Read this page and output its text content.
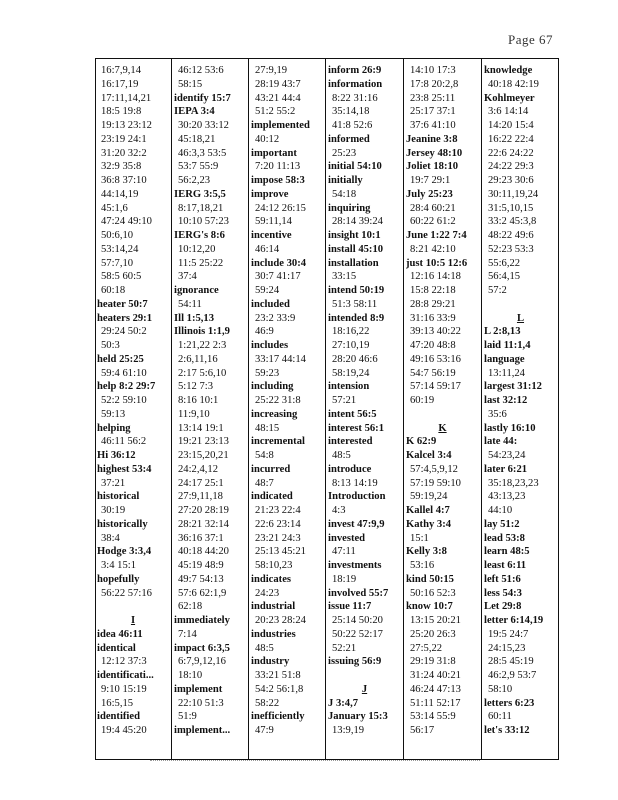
Page 67
16:7,9,14
16:17,19
17:11,14,21
18:5 19:8
19:13 23:12
23:19 24:1
31:20 32:2
32:9 35:8
36:8 37:10
44:14,19
45:1,6
47:24 49:10
50:6,10
53:14,24
57:7,10
58:5 60:5
60:18
heater 50:7
heaters 29:1
29:24 50:2
50:3
held 25:25
59:4 61:10
help 8:2 29:7
52:2 59:10
59:13
helping
46:11 56:2
Hi 36:12
highest 53:4
37:21
historical
30:19
historically
38:4
Hodge 3:3,4
3:4 15:1
hopefully
56:22 57:16

I
idea 46:11
identical
12:12 37:3
identificati...
9:10 15:19
16:5,15
identified
19:4 45:20
46:12 53:6
58:15
identify 15:7
IEPA 3:4
30:20 33:12
45:18,21
46:3,3 53:5
53:7 55:9
56:2,23
IERG 3:5,5
8:17,18,21
10:10 57:23
IERG's 8:6
10:12,20
11:5 25:22
37:4
ignorance
54:11
Ill 1:5,13
Illinois 1:1,9
1:21,22 2:3
2:6,11,16
2:17 5:6,10
5:12 7:3
8:16 10:1
11:9,10
13:14 19:1
19:21 23:13
23:15,20,21
24:2,4,12
24:17 25:1
27:9,11,18
27:20 28:19
28:21 32:14
36:16 37:1
40:18 44:20
45:19 48:9
49:7 54:13
57:6 62:1,9
62:18
immediately
7:14
impact 6:3,5
6:7,9,12,16
18:10
implement
22:10 51:3
51:9
implement...
27:9,19
28:19 43:7
43:21 44:4
51:2 55:2
implemented
40:12
important
7:20 11:13
impose 58:3
improve
24:12 26:15
59:11,14
incentive
46:14
include 30:4
30:7 41:17
59:24
included
23:2 33:9
46:9
includes
33:17 44:14
59:23
including
25:22 31:8
increasing
48:15
incremental
54:8
incurred
48:7
indicated
21:23 22:4
22:6 23:14
23:21 24:3
25:13 45:21
58:10,23
indicates
24:23
industrial
20:23 28:24
industries
48:5
industry
33:21 51:8
54:2 56:1,8
58:22
inefficiently
47:9
inform 26:9
information
8:22 31:16
35:14,18
41:8 52:6
informed
25:23
initial 54:10
initially
54:18
inquiring
28:14 39:24
insight 10:1
install 45:10
installation
33:15
intend 50:19
51:3 58:11
intended 8:9
18:16,22
27:10,19
28:20 46:6
58:19,24
intension
57:21
intent 56:5
interest 56:1
interested
48:5
introduce
8:13 14:19
Introduction
4:3
invest 47:9,9
invested
47:11
investments
18:19
involved 55:7
issue 11:7
25:14 50:20
50:22 52:17
52:21
issuing 56:9

J
J 3:4,7
January 15:3
13:9,19
14:10 17:3
17:8 20:2,8
23:8 25:11
25:17 37:1
37:6 41:10
Jeanine 3:8
Jersey 48:10
Joliet 18:10
19:7 29:1
July 25:23
28:4 60:21
60:22 61:2
June 1:22 7:4
8:21 42:10
just 10:5 12:6
12:16 14:18
15:8 22:18
28:8 29:21
31:16 33:9
39:13 40:22
47:20 48:8
49:16 53:16
54:7 56:19
57:14 59:17
60:19

K
K 62:9
Kalcel 3:4
57:4,5,9,12
57:19 59:10
59:19,24
Kallel 4:7
Kathy 3:4
15:1
Kelly 3:8
53:16
kind 50:15
50:16 52:3
know 10:7
13:15 20:21
25:20 26:3
27:5,22
29:19 31:8
31:24 40:21
46:24 47:13
51:11 52:17
53:14 55:9
56:17
knowledge
40:18 42:19
Kohlmeyer
3:6 14:14
14:20 15:4
16:22 22:4
22:6 24:22
24:22 29:3
29:23 30:6
30:11,19,24
31:5,10,15
33:2 45:3,8
48:22 49:6
52:23 53:3
55:6,22
56:4,15
57:2

L
L 2:8,13
laid 11:1,4
language
13:11,24
largest 31:12
last 32:12
35:6
lastly 16:10
late 44:
54:23,24
later 6:21
35:18,23,23
43:13,23
44:10
lay 51:2
lead 53:8
learn 48:5
least 6:11
left 51:6
less 54:3
Let 29:8
letter 6:14,19
19:5 24:7
24:15,23
28:5 45:19
46:2,9 53:7
58:10
letters 6:23
60:11
let's 33:12
